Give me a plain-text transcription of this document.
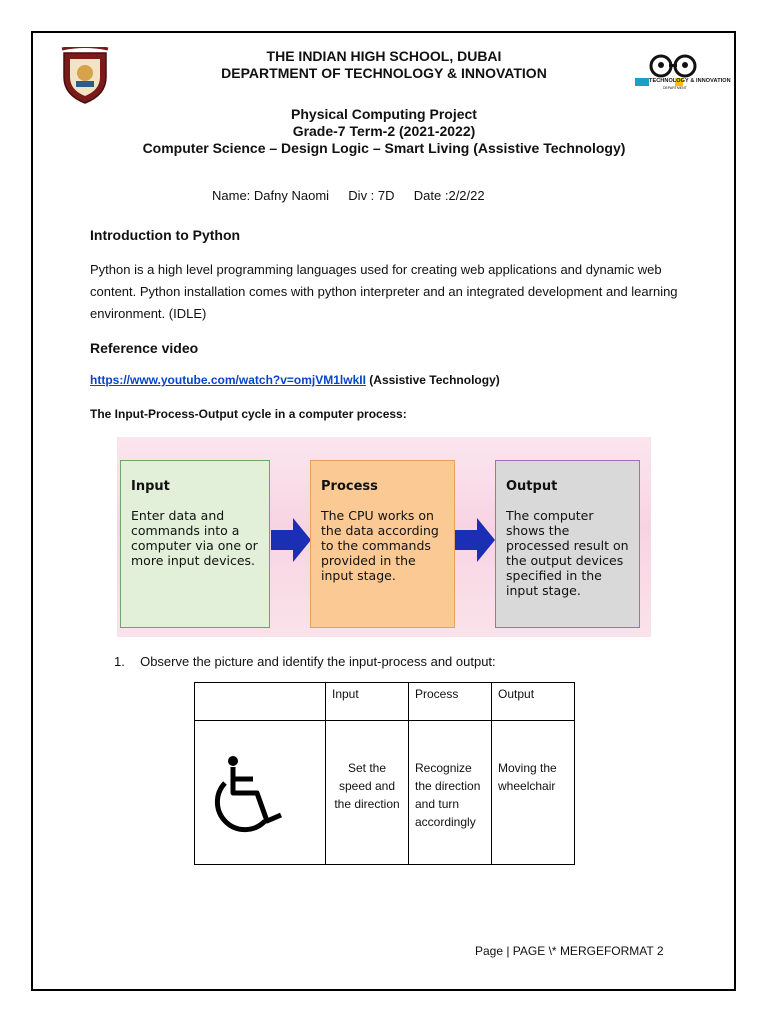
TECHNOLOGY & INNOVATION
DEPARTMENT
THE INDIAN HIGH SCHOOL, DUBAI
DEPARTMENT OF TECHNOLOGY & INNOVATION
Physical Computing Project
Grade-7 Term-2 (2021-2022)
Computer Science – Design Logic – Smart Living (Assistive Technology)
Name: Dafny Naomi Div : 7D Date :2/2/22
Introduction to Python
Python is a high level programming languages used for creating web applications and dynamic web content. Python installation comes with python interpreter and an integrated development and learning environment. (IDLE)
Reference video
https://www.youtube.com/watch?v=omjVM1lwkII (Assistive Technology)
The Input-Process-Output cycle in a computer process:
Input
Enter data and commands into a computer via one or more input devices.
Process
The CPU works on the data according to the commands provided in the input stage.
Output
The computer shows the processed result on the output devices specified in the input stage.
1. Observe the picture and identify the input-process and output:
	Input	Process	Output
	Set the speed and the direction	Recognize the direction and turn accordingly	Moving the wheelchair
Page | PAGE \* MERGEFORMAT 2
